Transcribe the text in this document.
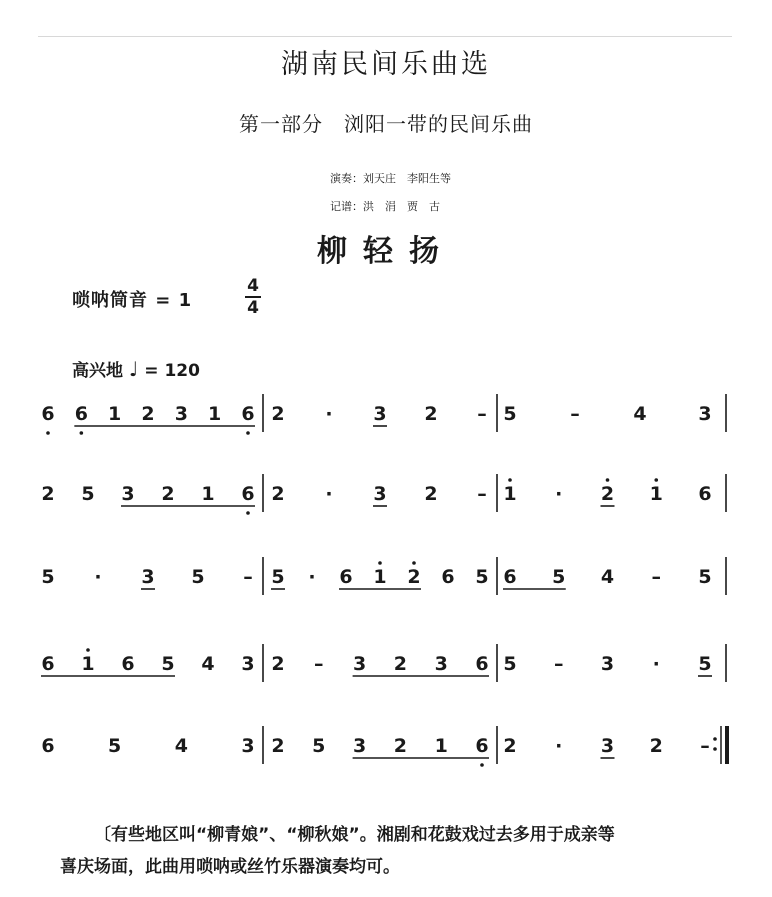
湖南民间乐曲选
第一部分　浏阳一带的民间乐曲
演奏：刘天庄　李阳生等
记谱：洪　涓　贾　古
柳轻扬
唢呐筒音 = 1
4
4
高兴地 ♩ = 120
6 6 1 2 3 1 6 2 · 3 2 – 5	–	4	3
2 5 3 2 1 6 2 · 3 2 – 1 · 2 1 6
5 · 3 5 – 5 · 6 1 2 6 5 6 5 4 – 5
6 1 6 5 4 3 2 – 3 2 3 6 5 – 3 · 5
6	5	4	3 2 5 3 2 1 6 2 · 3 2 –
〔有些地区叫“柳青娘”、“柳秋娘”。湘剧和花鼓戏过去多用于成亲等
喜庆场面，此曲用唢呐或丝竹乐器演奏均可。
